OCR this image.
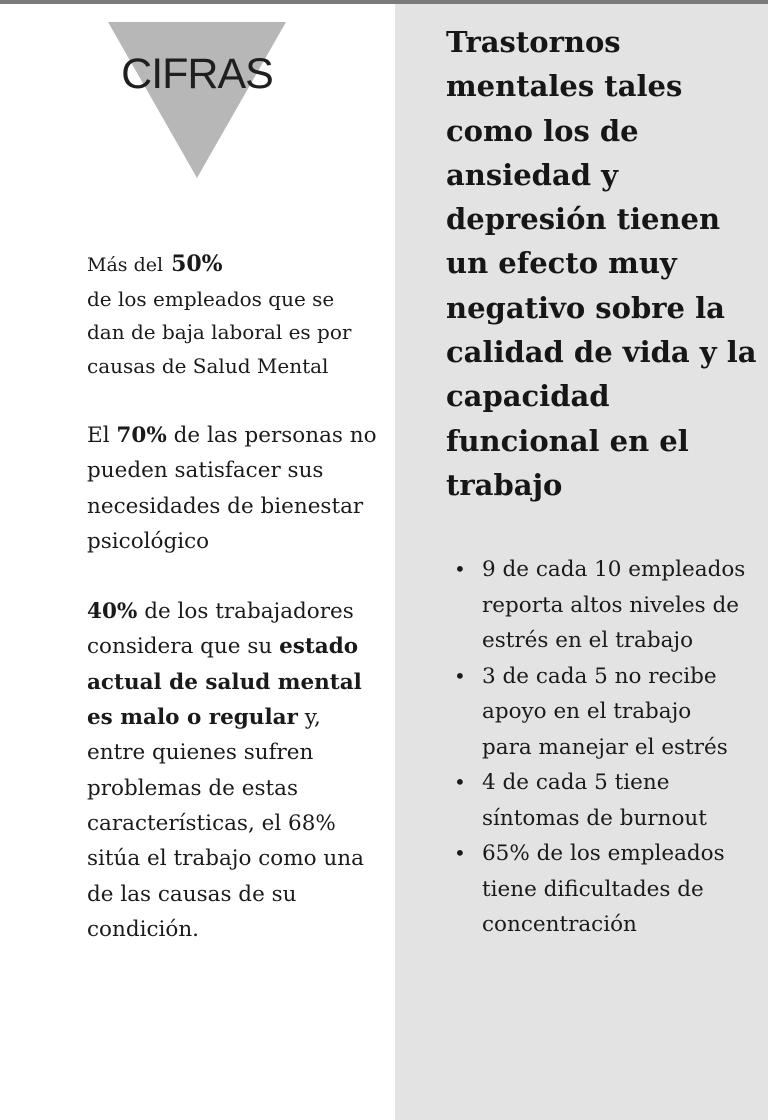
CIFRAS
Más del 50%
de los empleados que se dan de baja laboral es por causas de Salud Mental
El 70% de las personas no pueden satisfacer sus necesidades de bienestar psicológico
40% de los trabajadores considera que su estado actual de salud mental es malo o regular y, entre quienes sufren problemas de estas características, el 68% sitúa el trabajo como una de las causas de su condición.
Trastornos mentales tales como los de ansiedad y depresión tienen un efecto muy negativo sobre la calidad de vida y la capacidad funcional en el trabajo
• 9 de cada 10 empleados reporta altos niveles de estrés en el trabajo
• 3 de cada 5 no recibe apoyo en el trabajo para manejar el estrés
• 4 de cada 5 tiene síntomas de burnout
• 65% de los empleados tiene dificultades de concentración
